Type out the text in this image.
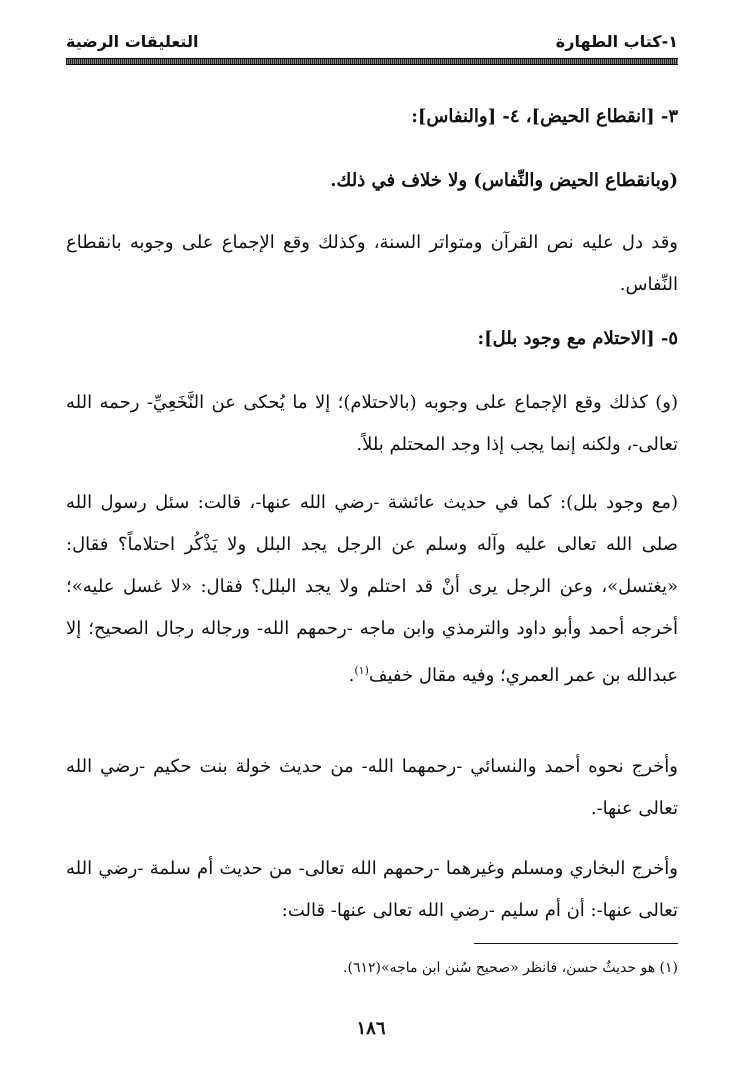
١-كتاب الطهارة
التعليقات الرضية
٣- [انقطاع الحيض]، ٤- [والنفاس]:
(وبانقطاع الحيض والنِّفاس) ولا خلاف في ذلك.
وقد دل عليه نص القرآن ومتواتر السنة، وكذلك وقع الإجماع على وجوبه بانقطاع النِّفاس.
٥- [الاحتلام مع وجود بلل]:
(و) كذلك وقع الإجماع على وجوبه (بالاحتلام)؛ إلا ما يُحكى عن النَّخَعِيِّ- رحمه الله تعالى-، ولكنه إنما يجب إذا وجد المحتلم بللاً.
(مع وجود بلل): كما في حديث عائشة -رضي الله عنها-، قالت: سئل رسول الله صلى الله تعالى عليه وآله وسلم عن الرجل يجد البلل ولا يَذْكُر احتلاماً؟ فقال: «يغتسل»، وعن الرجل يرى أنْ قد احتلم ولا يجد البلل؟ فقال: «لا غسل عليه»؛ أخرجه أحمد وأبو داود والترمذي وابن ماجه -رحمهم الله- ورجاله رجال الصحيح؛ إلا عبدالله بن عمر العمري؛ وفيه مقال خفيف$^{(١)}$.
وأخرج نحوه أحمد والنسائي -رحمهما الله- من حديث خولة بنت حكيم -رضي الله تعالى عنها-.
وأخرج البخاري ومسلم وغيرهما -رحمهم الله تعالى- من حديث أم سلمة -رضي الله تعالى عنها-: أن أم سليم -رضي الله تعالى عنها- قالت:
(١) هو حديثٌ حسن، فانظر «صحيح سُنن ابن ماجه»(٦١٢).
١٨٦
